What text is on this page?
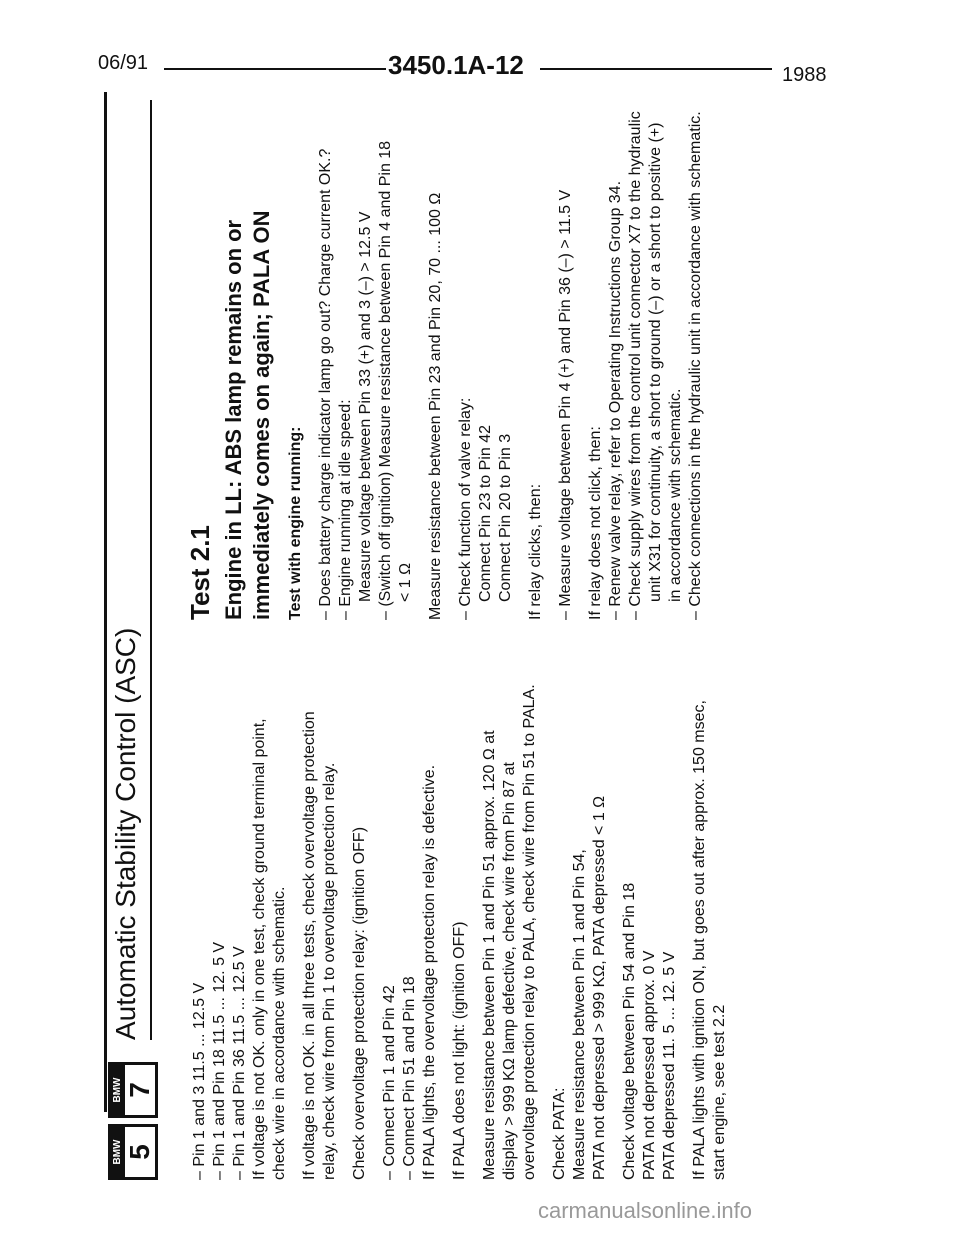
06/91	3450.1A-12	1988
BMW 5
BMW 7
Automatic Stability Control (ASC)

– Pin 1 and 3 11.5 ... 12.5 V – Pin 1 and Pin 18 11.5 ... 12. 5 V – Pin 1 and Pin 36 11.5 ... 12.5 V If voltage is not OK. only in one test, check ground terminal point, check wire in accordance with schematic. If voltage is not OK. in all three tests, check overvoltage protection relay, check wire from Pin 1 to overvoltage protection relay. Check overvoltage protection relay: (ignition OFF) – Connect Pin 1 and Pin 42 – Connect Pin 51 and Pin 18 If PALA lights, the overvoltage protection relay is defective. If PALA does not light: (ignition OFF) Measure resistance between Pin 1 and Pin 51 approx. 120 Ω at display > 999 KΩ lamp defective, check wire from Pin 87 at overvoltage protection relay to PALA, check wire from Pin 51 to PALA. Check PATA: Measure resistance between Pin 1 and Pin 54, PATA not depressed > 999 KΩ, PATA depressed < 1 Ω Check voltage between Pin 54 and Pin 18 PATA not depressed approx. 0 V PATA depressed 11. 5 ... 12. 5 V If PALA lights with ignition ON, but goes out after approx. 150 msec, start engine, see test 2.2

Test 2.1 Engine in LL: ABS lamp remains on or immediately comes on again; PALA ON Test with engine running: – Does battery charge indicator lamp go out? Charge current OK.? – Engine running at idle speed: Measure voltage between Pin 33 (+) and 3 (–) > 12.5 V – (Switch off ignition) Measure resistance between Pin 4 and Pin 18 < 1 Ω Measure resistance between Pin 23 and Pin 20, 70 ... 100 Ω – Check function of valve relay: Connect Pin 23 to Pin 42 Connect Pin 20 to Pin 3 If relay clicks, then: – Measure voltage between Pin 4 (+) and Pin 36 (–) > 11.5 V If relay does not click, then: – Renew valve relay, refer to Operating Instructions Group 34. – Check supply wires from the control unit connector X7 to the hydraulic unit X31 for continuity, a short to ground (–) or a short to positive (+) in accordance with schematic. – Check connections in the hydraulic unit in accordance with schematic.

carmanualsonline.info
